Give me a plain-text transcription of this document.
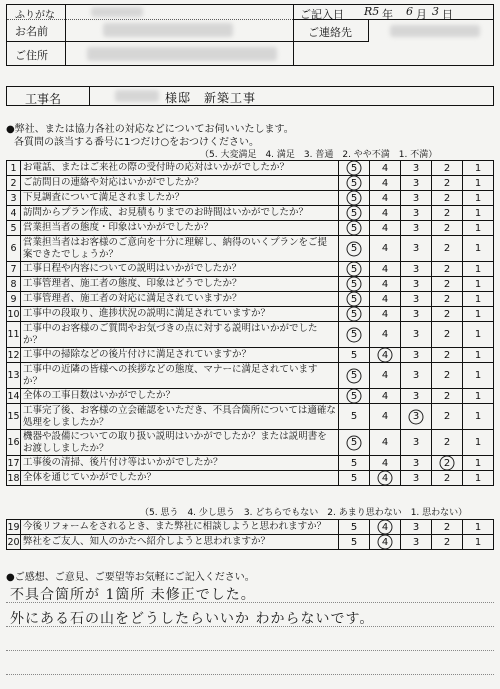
ふりがな
お名前
ご住所
ご記入日 R5 年 6 月 3 日
ご連絡先
工事名	様邸　新築工事
●弊社、または協力各社の対応などについてお伺いいたします。
各質問の該当する番号に1つだけ○をおつけください。
（5. 大変満足　4. 満足　3. 普通　2. やや不満　1. 不満）
1	お電話、またはご来社の際の受付時の応対はいかがでしたか？	5	4	3	2	1
2	ご訪問日の連絡や対応はいかがでしたか？	5	4	3	2	1
3	下見調査について満足されましたか？	5	4	3	2	1
4	訪問からプラン作成、お見積もりまでのお時間はいかがでしたか？	5	4	3	2	1
5	営業担当者の態度・印象はいかがでしたか？	5	4	3	2	1
6	営業担当者はお客様のご意向を十分に理解し、納得のいくプランをご提案できたでしょうか？	5	4	3	2	1
7	工事日程や内容についての説明はいかがでしたか？	5	4	3	2	1
8	工事管理者、施工者の態度、印象はどうでしたか？	5	4	3	2	1
9	工事管理者、施工者の対応に満足されていますか？	5	4	3	2	1
10	工事中の段取り、進捗状況の説明に満足されていますか？	5	4	3	2	1
11	工事中のお客様のご質問やお気づきの点に対する説明はいかがでしたか？	5	4	3	2	1
12	工事中の掃除などの後片付けに満足されていますか？	5	4	3	2	1
13	工事中の近隣の皆様への挨拶などの態度、マナーに満足されていますか？	5	4	3	2	1
14	全体の工事日数はいかがでしたか？	5	4	3	2	1
15	工事完了後、お客様の立会確認をいただき、不具合箇所については適確な処理をしましたか？	5	4	3	2	1
16	機器や設備についての取り扱い説明はいかがでしたか？または説明書をお渡ししましたか？	5	4	3	2	1
17	工事後の清掃、後片付け等はいかがでしたか？	5	4	3	2	1
18	全体を通じていかがでしたか？	5	4	3	2	1
（5. 思う　4. 少し思う　3. どちらでもない　2. あまり思わない　1. 思わない）
19	今後リフォームをされるとき、また弊社に相談しようと思われますか？	5	4	3	2	1
20	弊社をご友人、知人のかたへ紹介しようと思われますか？	5	4	3	2	1
●ご感想、ご意見、ご要望等お気軽にご記入ください。
不具合箇所が 1箇所 未修正でした。
外にある石の山をどうしたらいいか わからないです。
